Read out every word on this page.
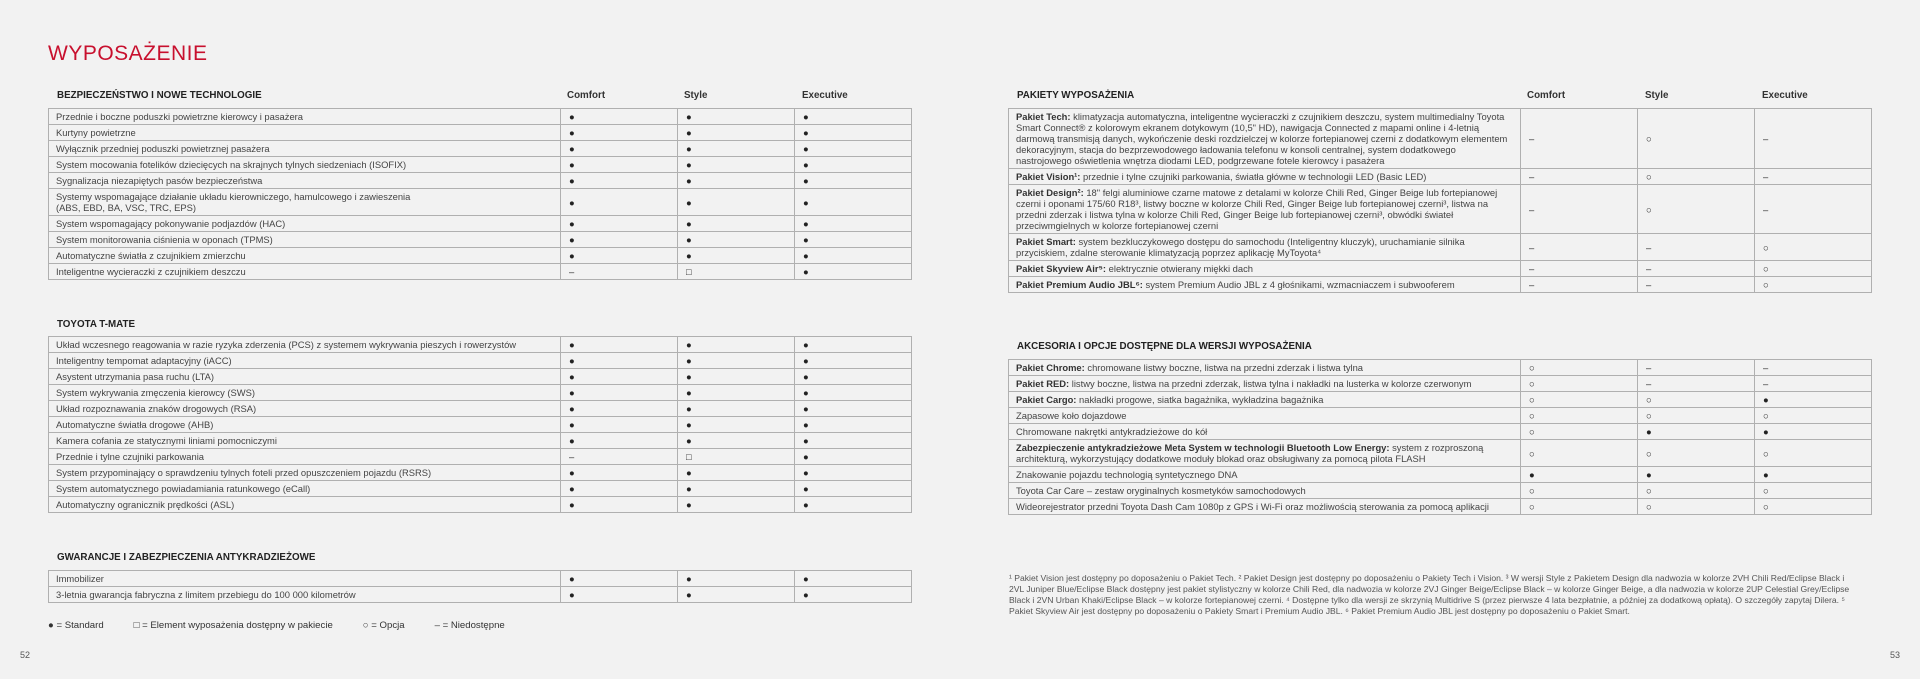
WYPOSAŻENIE
BEZPIECZEŃSTWO I NOWE TECHNOLOGIE	Comfort	Style	Executive
Przednie i boczne poduszki powietrzne kierowcy i pasażera	●	●	●
Kurtyny powietrzne	●	●	●
Wyłącznik przedniej poduszki powietrznej pasażera	●	●	●
System mocowania fotelików dziecięcych na skrajnych tylnych siedzeniach (ISOFIX)	●	●	●
Sygnalizacja niezapiętych pasów bezpieczeństwa	●	●	●
Systemy wspomagające działanie układu kierowniczego, hamulcowego i zawieszenia
(ABS, EBD, BA, VSC, TRC, EPS)	●	●	●
System wspomagający pokonywanie podjazdów (HAC)	●	●	●
System monitorowania ciśnienia w oponach (TPMS)	●	●	●
Automatyczne światła z czujnikiem zmierzchu	●	●	●
Inteligentne wycieraczki z czujnikiem deszczu	–	□	●
TOYOTA T-MATE
Układ wczesnego reagowania w razie ryzyka zderzenia (PCS) z systemem wykrywania pieszych i rowerzystów	●	●	●
Inteligentny tempomat adaptacyjny (iACC)	●	●	●
Asystent utrzymania pasa ruchu (LTA)	●	●	●
System wykrywania zmęczenia kierowcy (SWS)	●	●	●
Układ rozpoznawania znaków drogowych (RSA)	●	●	●
Automatyczne światła drogowe (AHB)	●	●	●
Kamera cofania ze statycznymi liniami pomocniczymi	●	●	●
Przednie i tylne czujniki parkowania	–	□	●
System przypominający o sprawdzeniu tylnych foteli przed opuszczeniem pojazdu (RSRS)	●	●	●
System automatycznego powiadamiania ratunkowego (eCall)	●	●	●
Automatyczny ogranicznik prędkości (ASL)	●	●	●
GWARANCJE I ZABEZPIECZENIA ANTYKRADZIEŻOWE
Immobilizer	●	●	●
3-letnia gwarancja fabryczna z limitem przebiegu do 100 000 kilometrów	●	●	●
● = Standard	□ = Element wyposażenia dostępny w pakiecie	○ = Opcja	– = Niedostępne
52
PAKIETY WYPOSAŻENIA	Comfort	Style	Executive
Pakiet Tech: klimatyzacja automatyczna, inteligentne wycieraczki z czujnikiem deszczu, system multimedialny Toyota Smart Connect® z kolorowym ekranem dotykowym (10,5" HD), nawigacja Connected z mapami online i 4-letnią darmową transmisją danych, wykończenie deski rozdzielczej w kolorze fortepianowej czerni z dodatkowym elementem dekoracyjnym, stacja do bezprzewodowego ładowania telefonu w konsoli centralnej, system dodatkowego nastrojowego oświetlenia wnętrza diodami LED, podgrzewane fotele kierowcy i pasażera	–	○	–
Pakiet Vision¹: przednie i tylne czujniki parkowania, światła główne w technologii LED (Basic LED)	–	○	–
Pakiet Design²: 18" felgi aluminiowe czarne matowe z detalami w kolorze Chili Red, Ginger Beige lub fortepianowej czerni i oponami 175/60 R18³, listwy boczne w kolorze Chili Red, Ginger Beige lub fortepianowej czerni³, listwa na przedni zderzak i listwa tylna w kolorze Chili Red, Ginger Beige lub fortepianowej czerni³, obwódki świateł przeciwmgielnych w kolorze fortepianowej czerni	–	○	–
Pakiet Smart: system bezkluczykowego dostępu do samochodu (Inteligentny kluczyk), uruchamianie silnika przyciskiem, zdalne sterowanie klimatyzacją poprzez aplikację MyToyota⁴	–	–	○
Pakiet Skyview Air⁵: elektrycznie otwierany miękki dach	–	–	○
Pakiet Premium Audio JBL⁶: system Premium Audio JBL z 4 głośnikami, wzmacniaczem i subwooferem	–	–	○
AKCESORIA I OPCJE DOSTĘPNE DLA WERSJI WYPOSAŻENIA
Pakiet Chrome: chromowane listwy boczne, listwa na przedni zderzak i listwa tylna	○	–	–
Pakiet RED: listwy boczne, listwa na przedni zderzak, listwa tylna i nakładki na lusterka w kolorze czerwonym	○	–	–
Pakiet Cargo: nakładki progowe, siatka bagażnika, wykładzina bagażnika	○	○	●
Zapasowe koło dojazdowe	○	○	○
Chromowane nakrętki antykradzieżowe do kół	○	●	●
Zabezpieczenie antykradzieżowe Meta System w technologii Bluetooth Low Energy: system z rozproszoną architekturą, wykorzystujący dodatkowe moduły blokad oraz obsługiwany za pomocą pilota FLASH	○	○	○
Znakowanie pojazdu technologią syntetycznego DNA	●	●	●
Toyota Car Care – zestaw oryginalnych kosmetyków samochodowych	○	○	○
Wideorejestrator przedni Toyota Dash Cam 1080p z GPS i Wi-Fi oraz możliwością sterowania za pomocą aplikacji	○	○	○

¹ Pakiet Vision jest dostępny po doposażeniu o Pakiet Tech. ² Pakiet Design jest dostępny po doposażeniu o Pakiety Tech i Vision. ³ W wersji Style z Pakietem Design dla nadwozia w kolorze 2VH Chili Red/Eclipse Black i 2VL Juniper Blue/Eclipse Black dostępny jest pakiet stylistyczny w kolorze Chili Red, dla nadwozia w kolorze 2VJ Ginger Beige/Eclipse Black – w kolorze Ginger Beige, a dla nadwozia w kolorze 2UP Celestial Grey/Eclipse Black i 2VN Urban Khaki/Eclipse Black – w kolorze fortepianowej czerni. ⁴ Dostępne tylko dla wersji ze skrzynią Multidrive S (przez pierwsze 4 lata bezpłatnie, a później za dodatkową opłatą). O szczegóły zapytaj Dilera. ⁵ Pakiet Skyview Air jest dostępny po doposażeniu o Pakiety Smart i Premium Audio JBL. ⁶ Pakiet Premium Audio JBL jest dostępny po doposażeniu o Pakiet Smart.

53
